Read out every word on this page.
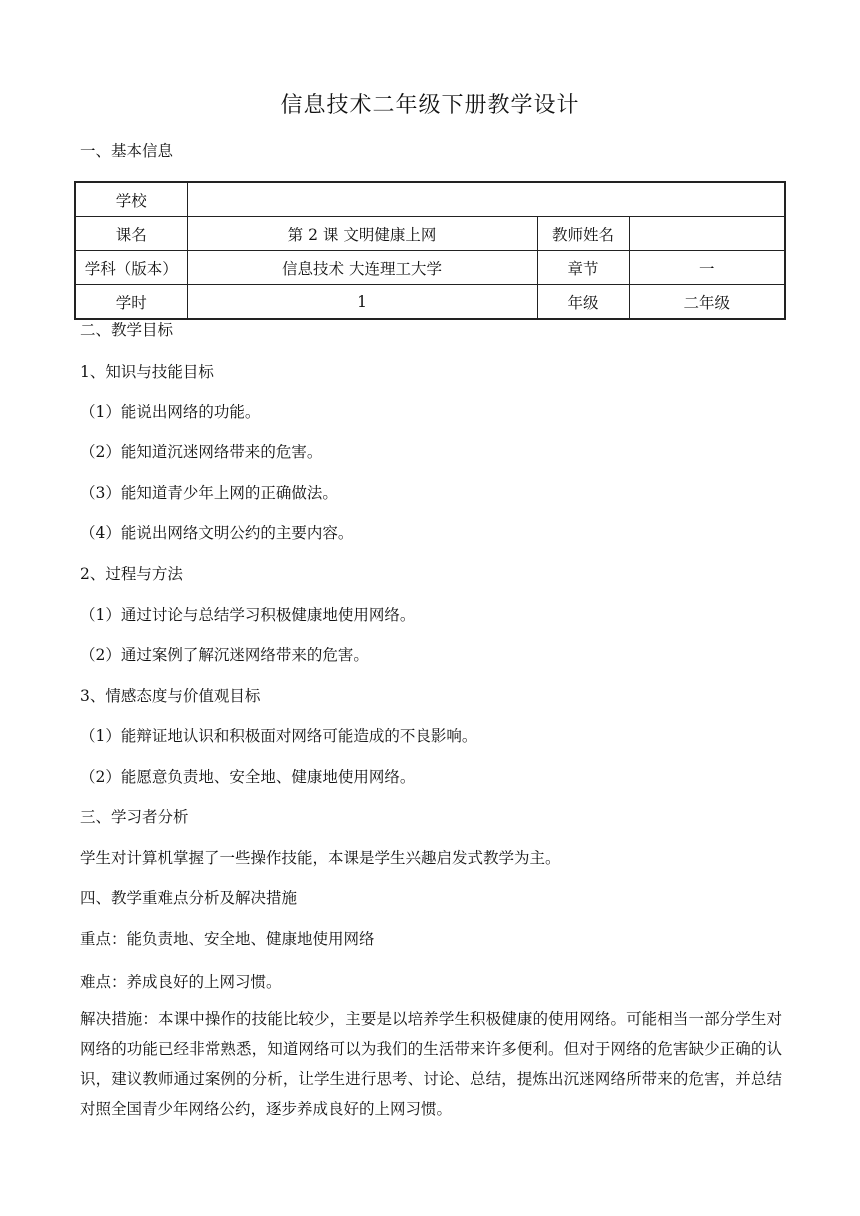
信息技术二年级下册教学设计
一、基本信息
学校			
课名	第 2 课 文明健康上网	教师姓名	
学科（版本）	信息技术 大连理工大学	章节	一
学时	1	年级	二年级
二、教学目标
1、知识与技能目标
（1）能说出网络的功能。
（2）能知道沉迷网络带来的危害。
（3）能知道青少年上网的正确做法。
（4）能说出网络文明公约的主要内容。
2、过程与方法
（1）通过讨论与总结学习积极健康地使用网络。
（2）通过案例了解沉迷网络带来的危害。
3、情感态度与价值观目标
（1）能辩证地认识和积极面对网络可能造成的不良影响。
（2）能愿意负责地、安全地、健康地使用网络。
三、学习者分析
学生对计算机掌握了一些操作技能，本课是学生兴趣启发式教学为主。
四、教学重难点分析及解决措施
重点：能负责地、安全地、健康地使用网络
难点：养成良好的上网习惯。
解决措施：本课中操作的技能比较少，主要是以培养学生积极健康的使用网络。可能相当一部分学生对网络的功能已经非常熟悉，知道网络可以为我们的生活带来许多便利。但对于网络的危害缺少正确的认识，建议教师通过案例的分析，让学生进行思考、讨论、总结，提炼出沉迷网络所带来的危害，并总结对照全国青少年网络公约，逐步养成良好的上网习惯。
